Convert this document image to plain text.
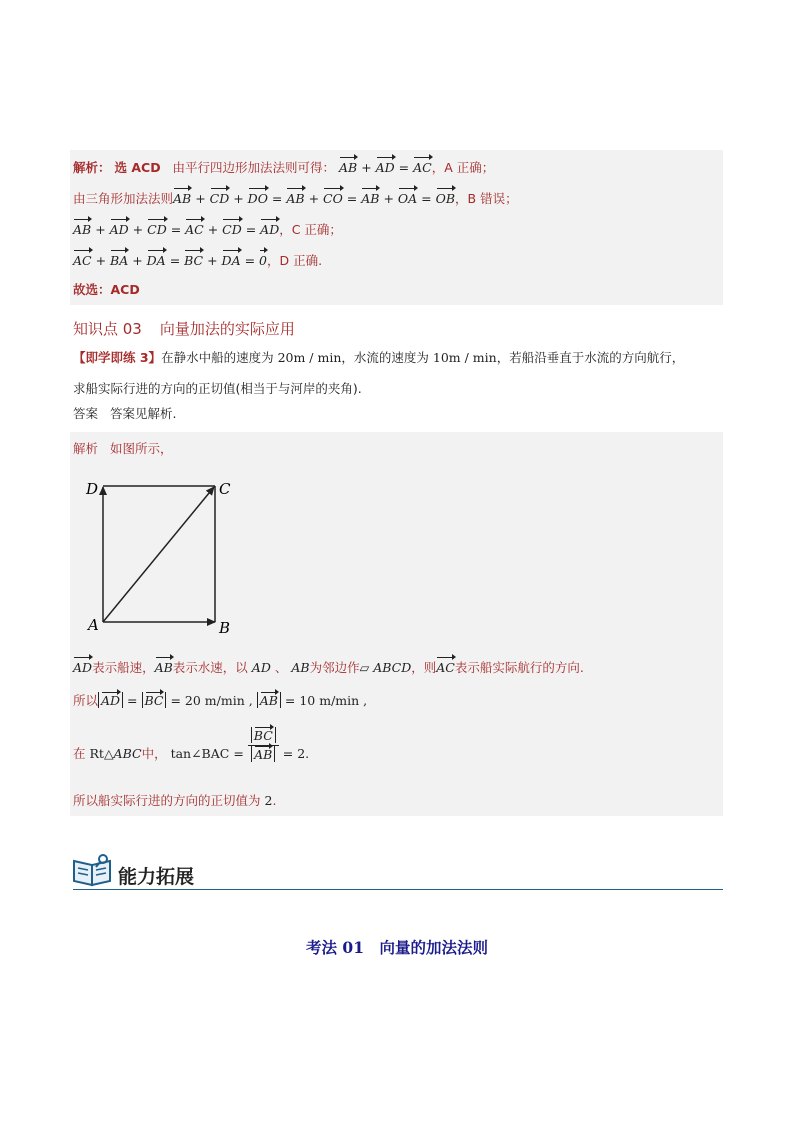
解析： 选 ACD 由平行四边形加法法则可得： AB + AD = AC，A 正确；
由三角形加法法则AB + CD + DO = AB + CO = AB + OA = OB，B 错误；
AB + AD + CD = AC + CD = AD，C 正确；
AC + BA + DA = BC + DA = 0，D 正确.
故选：ACD
知识点 03 向量加法的实际应用
【即学即练 3】在静水中船的速度为 20m / min，水流的速度为 10m / min，若船沿垂直于水流的方向航行，
求船实际行进的方向的正切值(相当于与河岸的夹角).
答案 答案见解析.
解析 如图所示，
D	C
A	B
AD表示船速，AB表示水速，以 AD 、 AB为邻边作▱ ABCD，则AC表示船实际航行的方向.
所以 AD = BC = 20 m/min , AB = 10 m/min ,
在 Rt△ABC中， tan∠BAC = $\frac{BC}{AB} = 2$.
所以船实际行进的方向的正切值为 2.
能力拓展
考法 01　向量的加法法则
